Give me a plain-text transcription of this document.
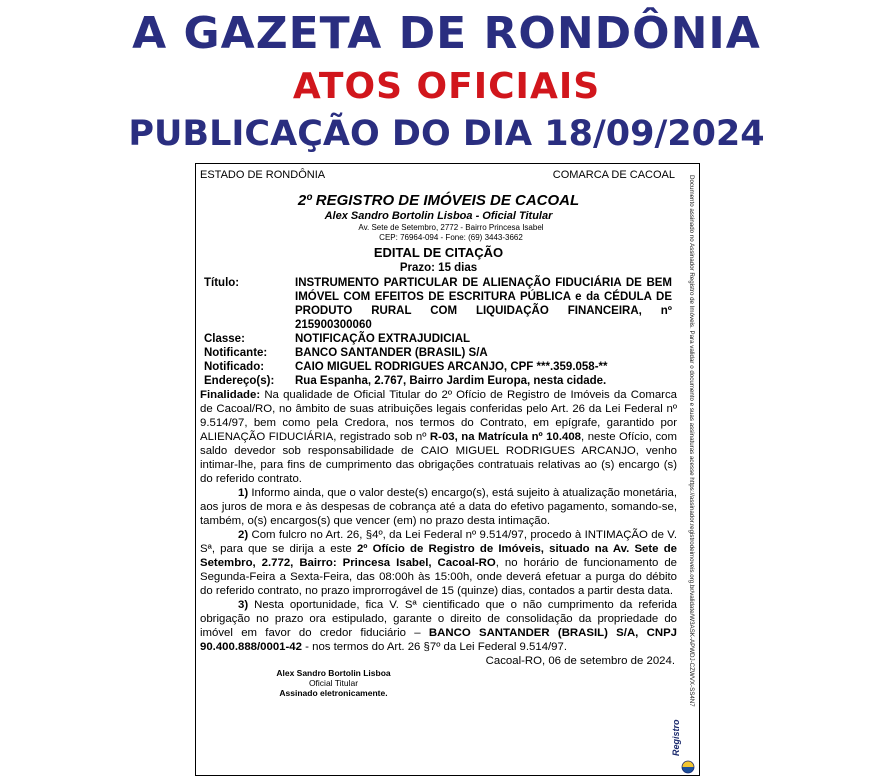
A GAZETA DE RONDÔNIA
ATOS OFICIAIS
PUBLICAÇÃO DO DIA 18/09/2024
ESTADO DE RONDÔNIA	COMARCA DE CACOAL Documento assinado no Assinador Registro de Imóveis. Para validar o documento e suas assinaturas acesse https://assinador.registrodeimoveis.org.br/validate/W3ASK-APWDJ-CZWVX-SS4N7
2º REGISTRO DE IMÓVEIS DE CACOAL
Alex Sandro Bortolin Lisboa - Oficial Titular
Av. Sete de Setembro, 2772 - Bairro Princesa Isabel
CEP: 76964-094 - Fone: (69) 3443-3662
EDITAL DE CITAÇÃO
Prazo: 15 dias
Título:	INSTRUMENTO PARTICULAR DE ALIENAÇÃO FIDUCIÁRIA DE BEM IMÓVEL COM EFEITOS DE ESCRITURA PÚBLICA e da CÉDULA DE PRODUTO RURAL COM LIQUIDAÇÃO FINANCEIRA, nº 215900300060
Classe:	NOTIFICAÇÃO EXTRAJUDICIAL
Notificante:	BANCO SANTANDER (BRASIL) S/A
Notificado:	CAIO MIGUEL RODRIGUES ARCANJO, CPF ***.359.058-**
Endereço(s):	Rua Espanha, 2.767, Bairro Jardim Europa, nesta cidade.
Finalidade: Na qualidade de Oficial Titular do 2º Ofício de Registro de Imóveis da Comarca de Cacoal/RO, no âmbito de suas atribuições legais conferidas pelo Art. 26 da Lei Federal nº 9.514/97, bem como pela Credora, nos termos do Contrato, em epígrafe, garantido por ALIENAÇÃO FIDUCIÁRIA, registrado sob nº R-03, na Matrícula nº 10.408, neste Ofício, com saldo devedor sob responsabilidade de CAIO MIGUEL RODRIGUES ARCANJO, venho intimar-lhe, para fins de cumprimento das obrigações contratuais relativas ao (s) encargo (s) do referido contrato.
1) Informo ainda, que o valor deste(s) encargo(s), está sujeito à atualização monetária, aos juros de mora e às despesas de cobrança até a data do efetivo pagamento, somando-se, também, o(s) encargos(s) que vencer (em) no prazo desta intimação.
2) Com fulcro no Art. 26, §4º, da Lei Federal nº 9.514/97, procedo à INTIMAÇÃO de V. Sª, para que se dirija a este 2º Ofício de Registro de Imóveis, situado na Av. Sete de Setembro, 2.772, Bairro: Princesa Isabel, Cacoal-RO, no horário de funcionamento de Segunda-Feira a Sexta-Feira, das 08:00h às 15:00h, onde deverá efetuar a purga do débito do referido contrato, no prazo improrrogável de 15 (quinze) dias, contados a partir desta data.
3) Nesta oportunidade, fica V. Sª cientificado que o não cumprimento da referida obrigação no prazo ora estipulado, garante o direito de consolidação da propriedade do imóvel em favor do credor fiduciário – BANCO SANTANDER (BRASIL) S/A, CNPJ 90.400.888/0001-42 - nos termos do Art. 26 §7º da Lei Federal 9.514/97.
Cacoal-RO, 06 de setembro de 2024.
Alex Sandro Bortolin Lisboa
Oficial Titular
Assinado eletronicamente.
Registro
